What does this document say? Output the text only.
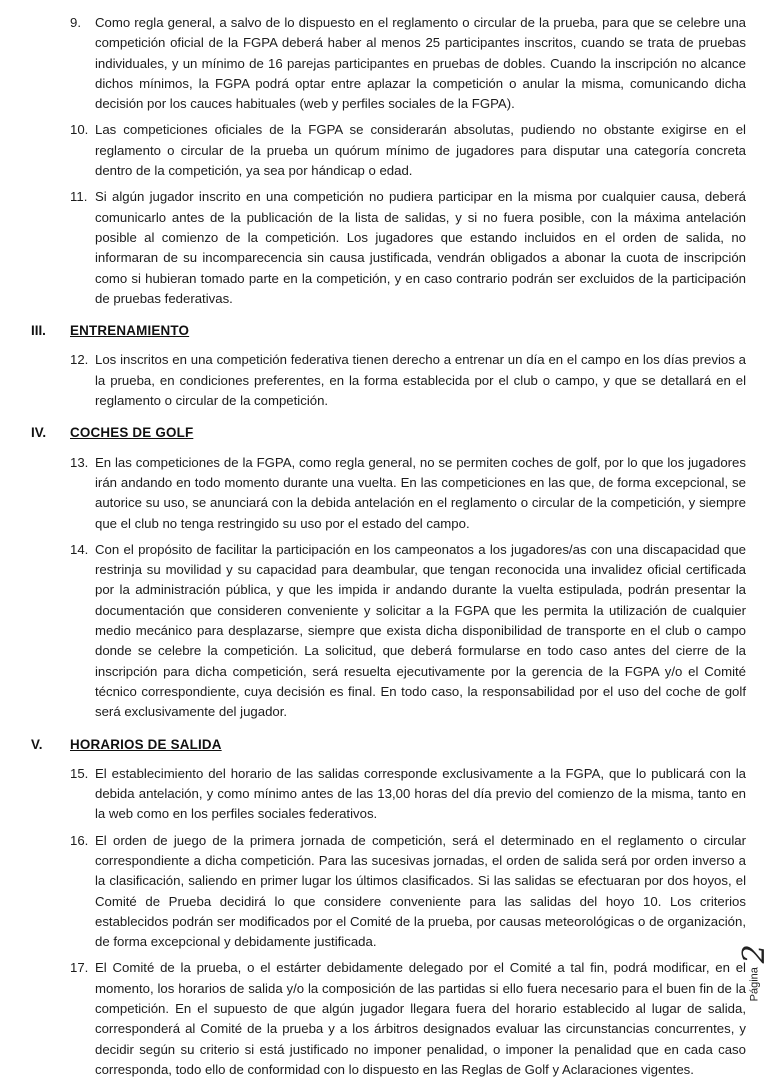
9.	Como regla general, a salvo de lo dispuesto en el reglamento o circular de la prueba, para que se celebre una competición oficial de la FGPA deberá haber al menos 25 participantes inscritos, cuando se trata de pruebas individuales, y un mínimo de 16 parejas participantes en pruebas de dobles. Cuando la inscripción no alcance dichos mínimos, la FGPA podrá optar entre aplazar la competición o anular la misma, comunicando dicha decisión por los cauces habituales (web y perfiles sociales de la FGPA).
10. Las competiciones oficiales de la FGPA se considerarán absolutas, pudiendo no obstante exigirse en el reglamento o circular de la prueba un quórum mínimo de jugadores para disputar una categoría concreta dentro de la competición, ya sea por hándicap o edad.
11. Si algún jugador inscrito en una competición no pudiera participar en la misma por cualquier causa, deberá comunicarlo antes de la publicación de la lista de salidas, y si no fuera posible, con la máxima antelación posible al comienzo de la competición. Los jugadores que estando incluidos en el orden de salida, no informaran de su incomparecencia sin causa justificada, vendrán obligados a abonar la cuota de inscripción como si hubieran tomado parte en la competición, y en caso contrario podrán ser excluidos de la participación de pruebas federativas.
III.	ENTRENAMIENTO
12. Los inscritos en una competición federativa tienen derecho a entrenar un día en el campo en los días previos a la prueba, en condiciones preferentes, en la forma establecida por el club o campo, y que se detallará en el reglamento o circular de la competición.
IV.	COCHES DE GOLF
13. En las competiciones de la FGPA, como regla general, no se permiten coches de golf, por lo que los jugadores irán andando en todo momento durante una vuelta. En las competiciones en las que, de forma excepcional, se autorice su uso, se anunciará con la debida antelación en el reglamento o circular de la competición, y siempre que el club no tenga restringido su uso por el estado del campo.
14. Con el propósito de facilitar la participación en los campeonatos a los jugadores/as con una discapacidad que restrinja su movilidad y su capacidad para deambular, que tengan reconocida una invalidez oficial certificada por la administración pública, y que les impida ir andando durante la vuelta estipulada, podrán presentar la documentación que consideren conveniente y solicitar a la FGPA que les permita la utilización de cualquier medio mecánico para desplazarse, siempre que exista dicha disponibilidad de transporte en el club o campo donde se celebre la competición. La solicitud, que deberá formularse en todo caso antes del cierre de la inscripción para dicha competición, será resuelta ejecutivamente por la gerencia de la FGPA y/o el Comité técnico correspondiente, cuya decisión es final. En todo caso, la responsabilidad por el uso del coche de golf será exclusivamente del jugador.
V.	HORARIOS DE SALIDA
15. El establecimiento del horario de las salidas corresponde exclusivamente a la FGPA, que lo publicará con la debida antelación, y como mínimo antes de las 13,00 horas del día previo del comienzo de la misma, tanto en la web como en los perfiles sociales federativos.
16. El orden de juego de la primera jornada de competición, será el determinado en el reglamento o circular correspondiente a dicha competición. Para las sucesivas jornadas, el orden de salida será por orden inverso a la clasificación, saliendo en primer lugar los últimos clasificados. Si las salidas se efectuaran por dos hoyos, el Comité de Prueba decidirá lo que considere conveniente para las salidas del hoyo 10. Los criterios establecidos podrán ser modificados por el Comité de la prueba, por causas meteorológicas o de organización, de forma excepcional y debidamente justificada.
17. El Comité de la prueba, o el estárter debidamente delegado por el Comité a tal fin, podrá modificar, en el momento, los horarios de salida y/o la composición de las partidas si ello fuera necesario para el buen fin de la competición. En el supuesto de que algún jugador llegara fuera del horario establecido al lugar de salida, corresponderá al Comité de la prueba y a los árbitros designados evaluar las circunstancias concurrentes, y decidir según su criterio si está justificado no imponer penalidad, o imponer la penalidad que en cada caso corresponda, todo ello de conformidad con lo dispuesto en las Reglas de Golf y Aclaraciones vigentes.
Página
2
